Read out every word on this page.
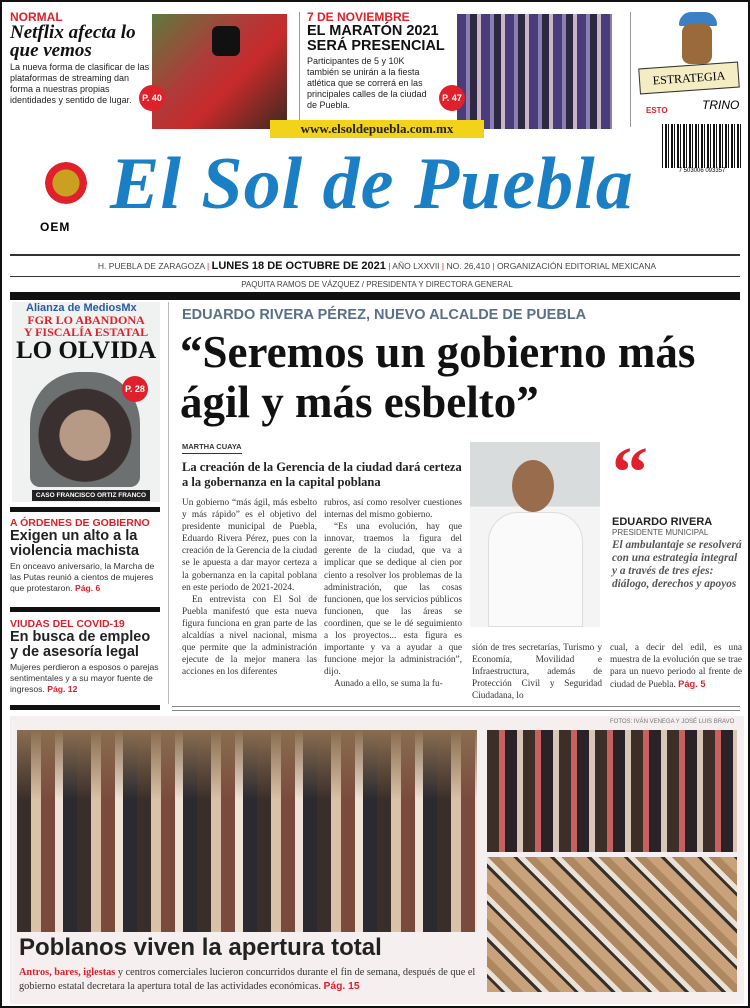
NORMAL
Netflix afecta lo que vemos
La nueva forma de clasificar de las plataformas de streaming dan forma a nuestras propias identidades y sentido de lugar.	P. 40
7 DE NOVIEMBRE
EL MARATÓN 2021 SERÁ PRESENCIAL
Participantes de 5 y 10K también se unirán a la fiesta atlética que se correrá en las principales calles de la ciudad de Puebla.
P. 47
ESTRATEGIA
ESTO	TRINO
www.elsoldepuebla.com.mx
7 503006 093357
OEM
El Sol de Puebla
H. PUEBLA DE ZARAGOZA | LUNES 18 DE OCTUBRE DE 2021 | AÑO LXXVII | NO. 26,410 | ORGANIZACIÓN EDITORIAL MEXICANA
PAQUITA RAMOS DE VÁZQUEZ / PRESIDENTA Y DIRECTORA GENERAL
Alianza de MediosMx
FGR LO ABANDONA
Y FISCALÍA ESTATAL
LO OLVIDA
CASO FRANCISCO ORTIZ FRANCO
P. 28
A ÓRDENES DE GOBIERNO
Exigen un alto a la violencia machista
En onceavo aniversario, la Marcha de las Putas reunió a cientos de mujeres que protestaron. Pág. 6
VIUDAS DEL COVID-19
En busca de empleo y de asesoría legal
Mujeres perdieron a esposos o parejas sentimentales y a su mayor fuente de ingresos. Pág. 12
EDUARDO RIVERA PÉREZ, NUEVO ALCALDE DE PUEBLA
“Seremos un gobierno más ágil y más esbelto”
MARTHA CUAYA
La creación de la Gerencia de la ciudad dará certeza a la gobernanza en la capital poblana

Un gobierno “más ágil, más esbelto y más rápido” es el objetivo del presidente municipal de Puebla, Eduardo Rivera Pérez, pues con la creación de la Gerencia de la ciudad se le apuesta a dar mayor certeza a la gobernanza en la capital poblana en este periodo de 2021-2024.

En entrevista con El Sol de Puebla manifestó que esta nueva figura funciona en gran parte de las alcaldías a nivel nacional, misma que permite que la administración ejecute de la mejor manera las acciones en los diferentes

rubros, así como resolver cuestiones internas del mismo gobierno.

“Es una evolución, hay que innovar, traemos la figura del gerente de la ciudad, que va a implicar que se dedique al cien por ciento a resolver los problemas de la administración, que las cosas funcionen, que los servicios públicos funcionen, que las áreas se coordinen, que se le dé seguimiento a los proyectos... esta figura es importante y va a ayudar a que funcione mejor la administración”, dijo.

Aunado a ello, se suma la fu-

“
EDUARDO RIVERA
PRESIDENTE MUNICIPAL
El ambulantaje se resolverá con una estrategia integral y a través de tres ejes: diálogo, derechos y apoyos
sión de tres secretarías, Turismo y Economía, Movilidad e Infraestructura, además de Protección Civil y Seguridad Ciudadana, lo
cual, a decir del edil, es una muestra de la evolución que se trae para un nuevo periodo al frente de ciudad de Puebla. Pág. 5
FOTOS: IVÁN VENEGA Y JOSÉ LUIS BRAVO
Poblanos viven la apertura total
Antros, bares, iglestas y centros comerciales lucieron concurridos durante el fin de semana, después de que el gobierno estatal decretara la apertura total de las actividades económicas. Pág. 15
